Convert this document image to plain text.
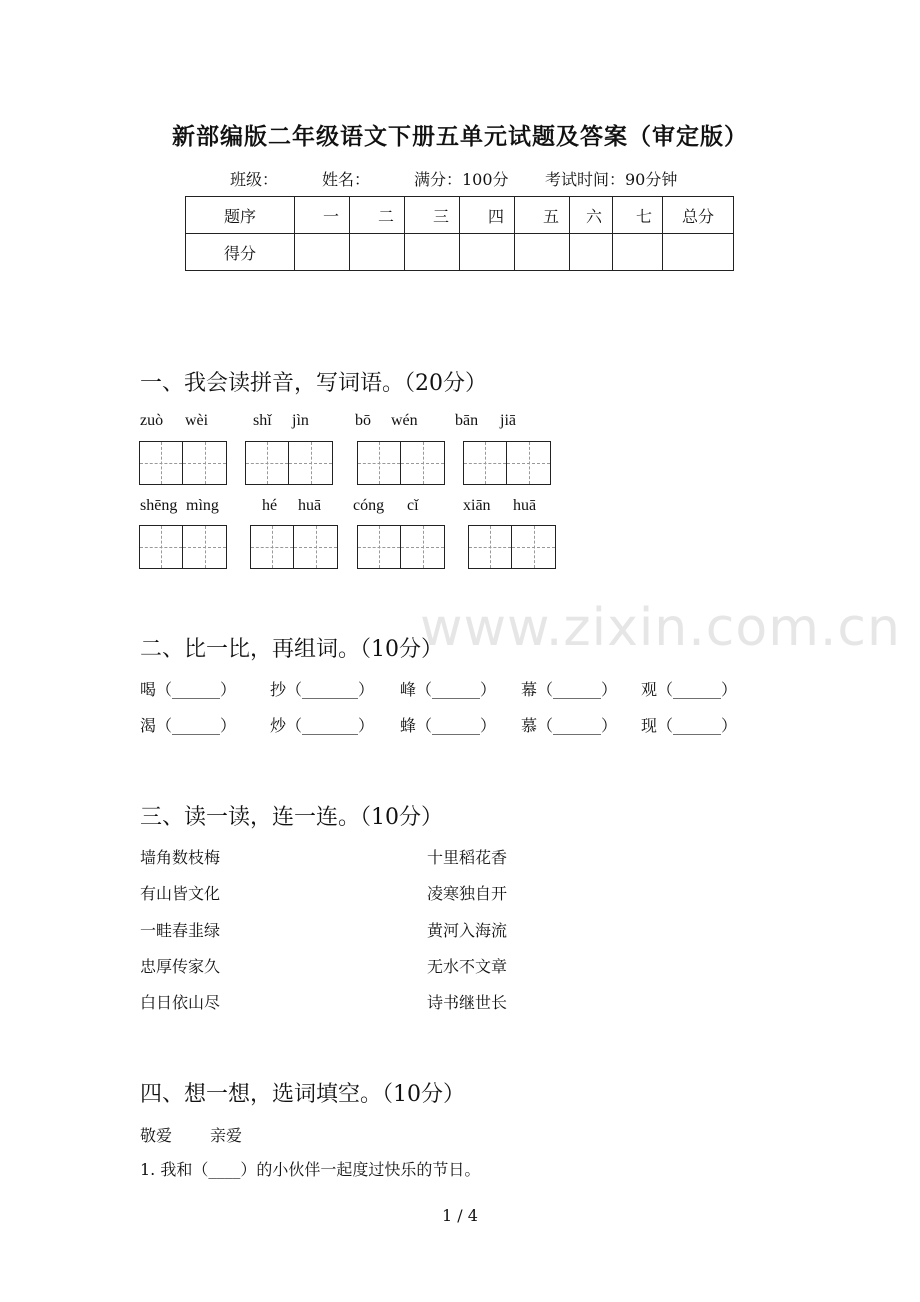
新部编版二年级语文下册五单元试题及答案（审定版）
班级：	姓名：	满分：100分 考试时间：90分钟
题序	一	二	三	四	五	六	七	总分
得分								
一、我会读拼音，写词语。（20分）
zuò wèi	shǐ jìn	bō wén bān jiā
shēng mìng	hé huā cóng cǐ	xiān huā
www.zixin.com.cn
二、比一比，再组词。（10分）
喝（______） 抄（_______） 峰（______） 幕（______） 观（______）
渴（______） 炒（_______） 蜂（______） 慕（______） 现（______）
三、读一读，连一连。（10分）
墙角数枝梅
有山皆文化
一畦春韭绿
忠厚传家久
白日依山尽
十里稻花香
凌寒独自开
黄河入海流
无水不文章
诗书继世长
四、想一想，选词填空。（10分）
敬爱 亲爱
1. 我和（____）的小伙伴一起度过快乐的节日。
1 / 4
